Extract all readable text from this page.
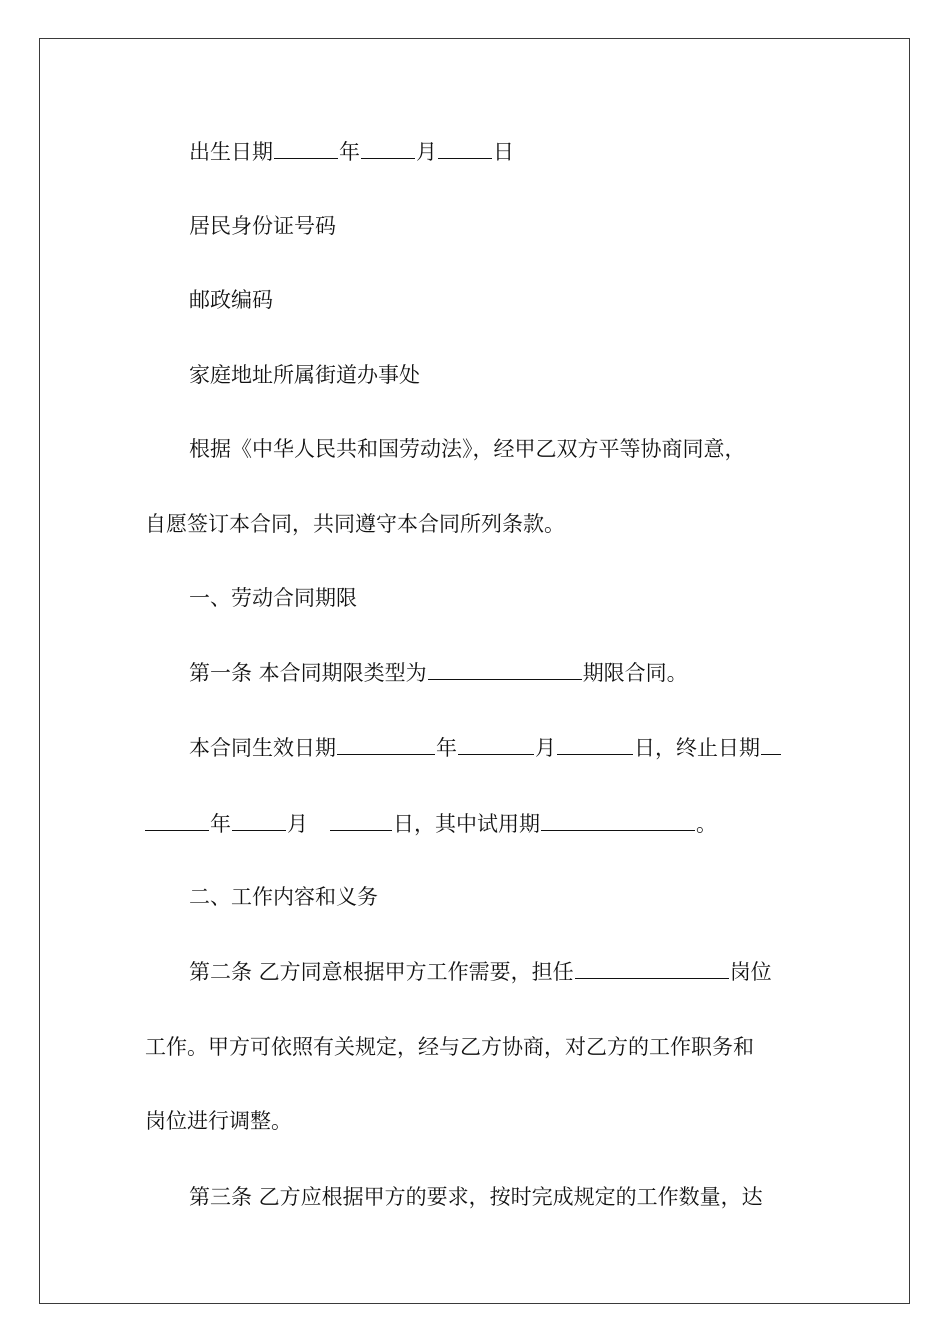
出生日期	年	月	日
居民身份证号码
邮政编码
家庭地址所属街道办事处
根据《中华人民共和国劳动法》，经甲乙双方平等协商同意，
自愿签订本合同，共同遵守本合同所列条款。
一、劳动合同期限
第一条 本合同期限类型为	期限合同。
本合同生效日期	年	月	日，终止日期
年	月	日，其中试用期	。
二、工作内容和义务
第二条 乙方同意根据甲方工作需要，担任	岗位
工作。甲方可依照有关规定，经与乙方协商，对乙方的工作职务和
岗位进行调整。
第三条 乙方应根据甲方的要求，按时完成规定的工作数量，达
